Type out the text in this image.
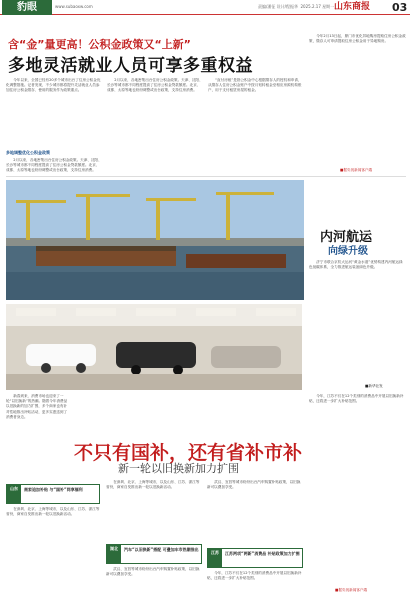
豹眼	www.subaoxw.com	责编/潘征 设计/程振华 2025.2.17 星期一 山东商报 03
含“金”量更高！公积金政策又“上新”
多地灵活就业人员可享多重权益

今年以来，全国已经有20多个城市出台了住房公积金优化调整措施。记者发现，不少城市都将提升灵活就业人员参加住房公积金缴存、使用的服务作为政策重点。

多地调整优化公积金政策

2月以来，各地密集出台住房公积金政策。天津、沈阳、长沙等城市都不同程度提高了住房公积金贷款额度。北京、成都、太原等地也纷纷调整或出台政策，支持住房消费。

2月以来，各地密集出台住房公积金政策。天津、沈阳、长沙等城市都不同程度提高了住房公积金贷款额度。北京、成都、太原等地也纷纷调整或出台政策，支持住房消费。

“直付房租”是指公积金中心根据缴存人的授权和申请，从缴存人住房公积金账户中按月划转租金至相应房源机构账户，用于支付租赁房屋的租金。

今年2月13日起，厦门市优化异地购房提取住房公积金政策，缴存人可申请提取住房公积金用于异地购房。

■据央视新闻客户端
内河航运
向绿升级

济宁市联合京杭大运河“黄金水道”优势构建内河航运绿色低碳体系，全力推进航运装备绿色升级。

■新华社发

新春到来，消费市场也迎来了一轮“以旧换新”的热潮。随着今年消费品以旧换新的加力扩围，多个商家也有针对性地推出补贴活动，更多实惠送到了消费者身边。

不只有国补，还有省补市补
新一轮以旧换新加力扩围
山东	商家追加补贴 与“国补”同享福利

在深圳、北京、上海等城市，以及山东、江苏、浙江等省份，商家自发推出新一轮以旧换新活动。

在深圳、北京、上海等城市，以及山东、江苏、浙江等省份，商家自发推出新一轮以旧换新活动。

湖北	汽车“以旧换新”搭配 可叠加车市热潮推出

武汉、宜昌等城市纷纷出台汽车购置补贴政策，以旧换新可以叠加享受。

武汉、宜昌等城市纷纷出台汽车购置补贴政策，以旧换新可以叠加享受。

江苏	江苏两项“两新”消费品 补贴政策加力扩围

今年，江苏不仅在12个类别的消费品中开展以旧换新补贴，还将进一步扩大补贴范围。

今年，江苏不仅在12个类别的消费品中开展以旧换新补贴，还将进一步扩大补贴范围。

■据央视新闻客户端
